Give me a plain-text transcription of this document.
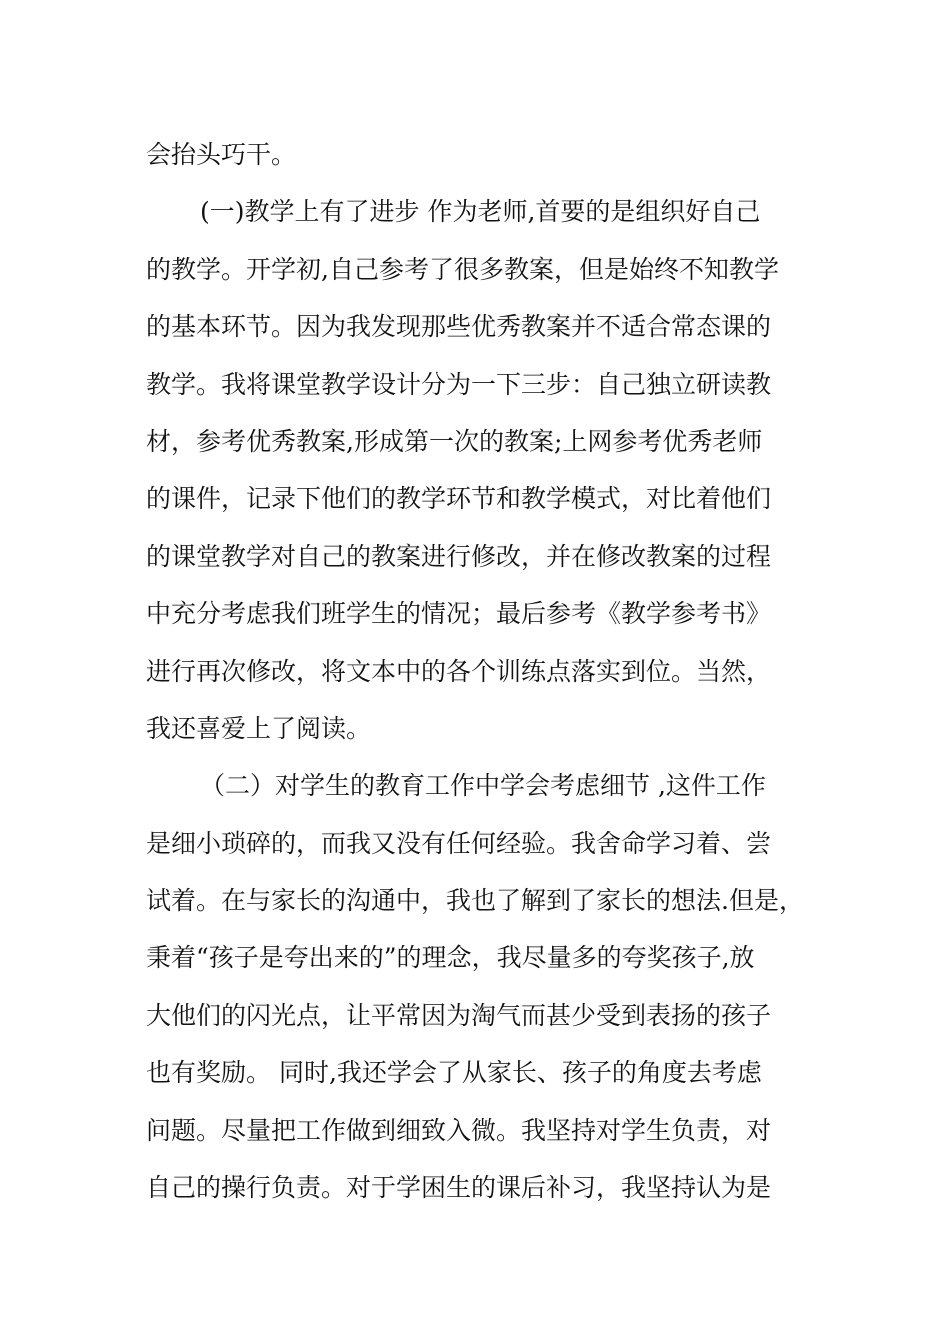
会抬头巧干。
(一)教学上有了进步 作为老师,首要的是组织好自己
的教学。开学初,自己参考了很多教案，但是始终不知教学
的基本环节。因为我发现那些优秀教案并不适合常态课的
教学。我将课堂教学设计分为一下三步：自己独立研读教
材，参考优秀教案,形成第一次的教案;上网参考优秀老师
的课件，记录下他们的教学环节和教学模式，对比着他们
的课堂教学对自己的教案进行修改，并在修改教案的过程
中充分考虑我们班学生的情况；最后参考《教学参考书》
进行再次修改，将文本中的各个训练点落实到位。当然，
我还喜爱上了阅读。
（二）对学生的教育工作中学会考虑细节 ,这件工作
是细小琐碎的，而我又没有任何经验。我舍命学习着、尝
试着。在与家长的沟通中，我也了解到了家长的想法.但是，
秉着“孩子是夸出来的”的理念，我尽量多的夸奖孩子,放
大他们的闪光点，让平常因为淘气而甚少受到表扬的孩子
也有奖励。 同时,我还学会了从家长、孩子的角度去考虑
问题。尽量把工作做到细致入微。我坚持对学生负责，对
自己的操行负责。对于学困生的课后补习，我坚持认为是
